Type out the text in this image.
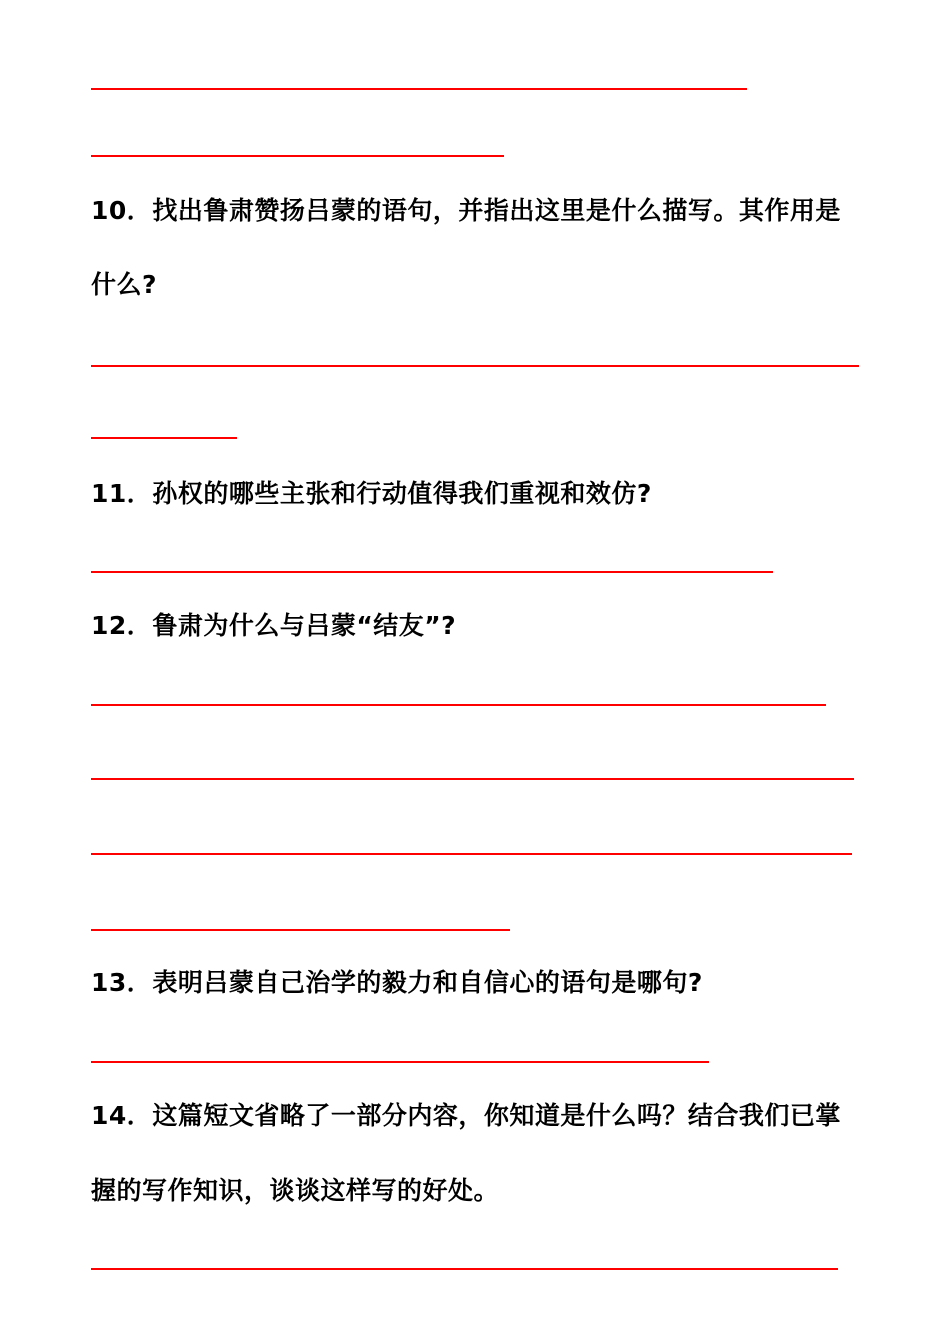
10．找出鲁肃赞扬吕蒙的语句，并指出这里是什么描写。其作用是
什么?
11．孙权的哪些主张和行动值得我们重视和效仿?
12．鲁肃为什么与吕蒙“结友”?
13．表明吕蒙自己治学的毅力和自信心的语句是哪句?
14．这篇短文省略了一部分内容，你知道是什么吗？结合我们已掌
握的写作知识，谈谈这样写的好处。
